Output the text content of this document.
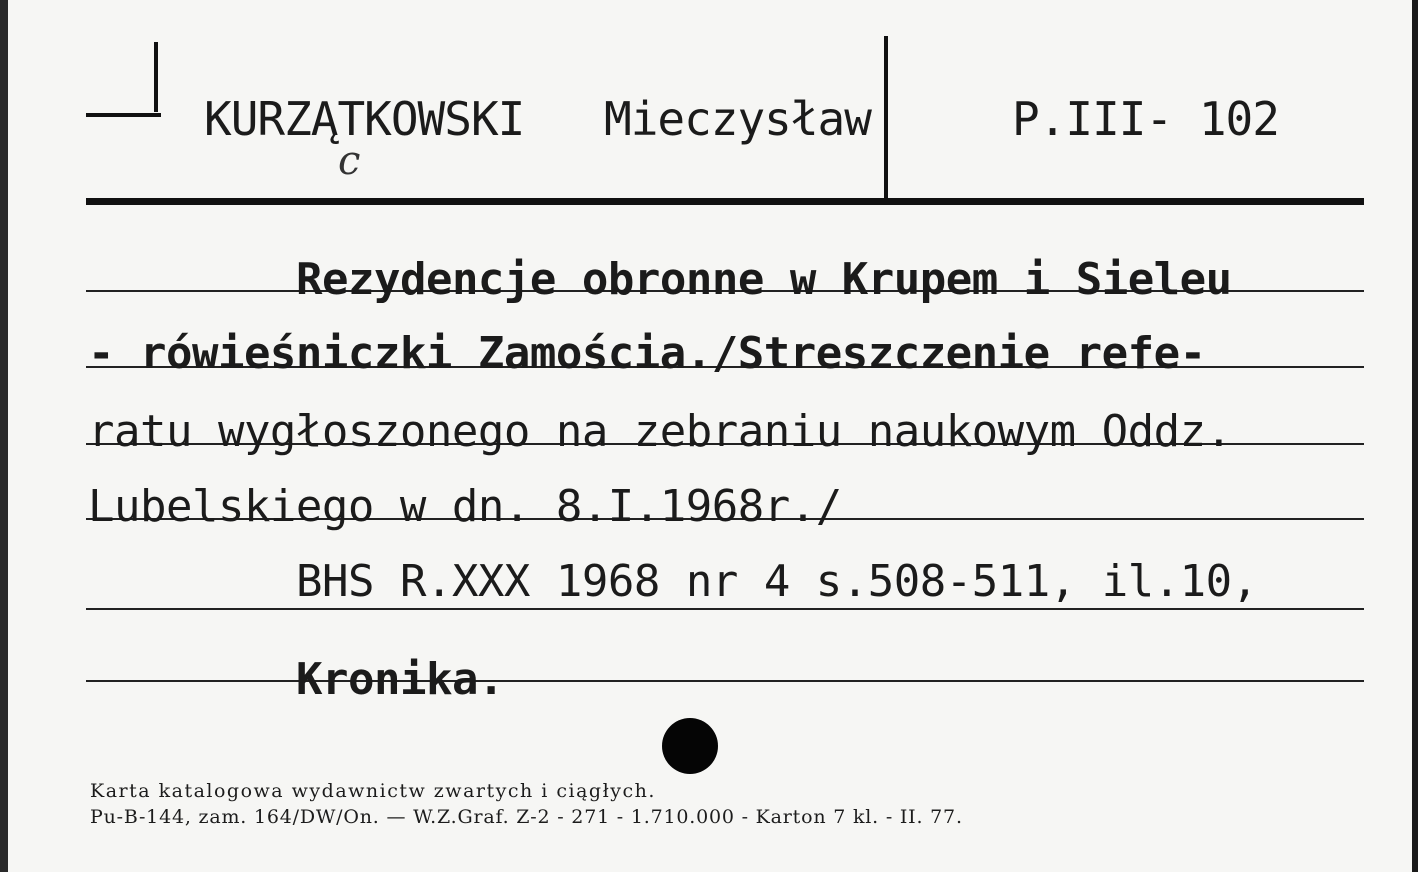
KURZĄTKOWSKI
c
Mieczysław	P.III- 102
Rezydencje obronne w Krupem i Sieleu
- rówieśniczki Zamościa./Streszczenie refe-
ratu wygłoszonego na zebraniu naukowym Oddz.
Lubelskiego w dn. 8.I.1968r./
BHS R.XXX 1968 nr 4 s.508-511, il.10,
Kronika.
Karta katalogowa wydawnictw zwartych i ciągłych.
Pu-B-144, zam. 164/DW/On. — W.Z.Graf. Z-2 - 271 - 1.710.000 - Karton 7 kl. - II. 77.
